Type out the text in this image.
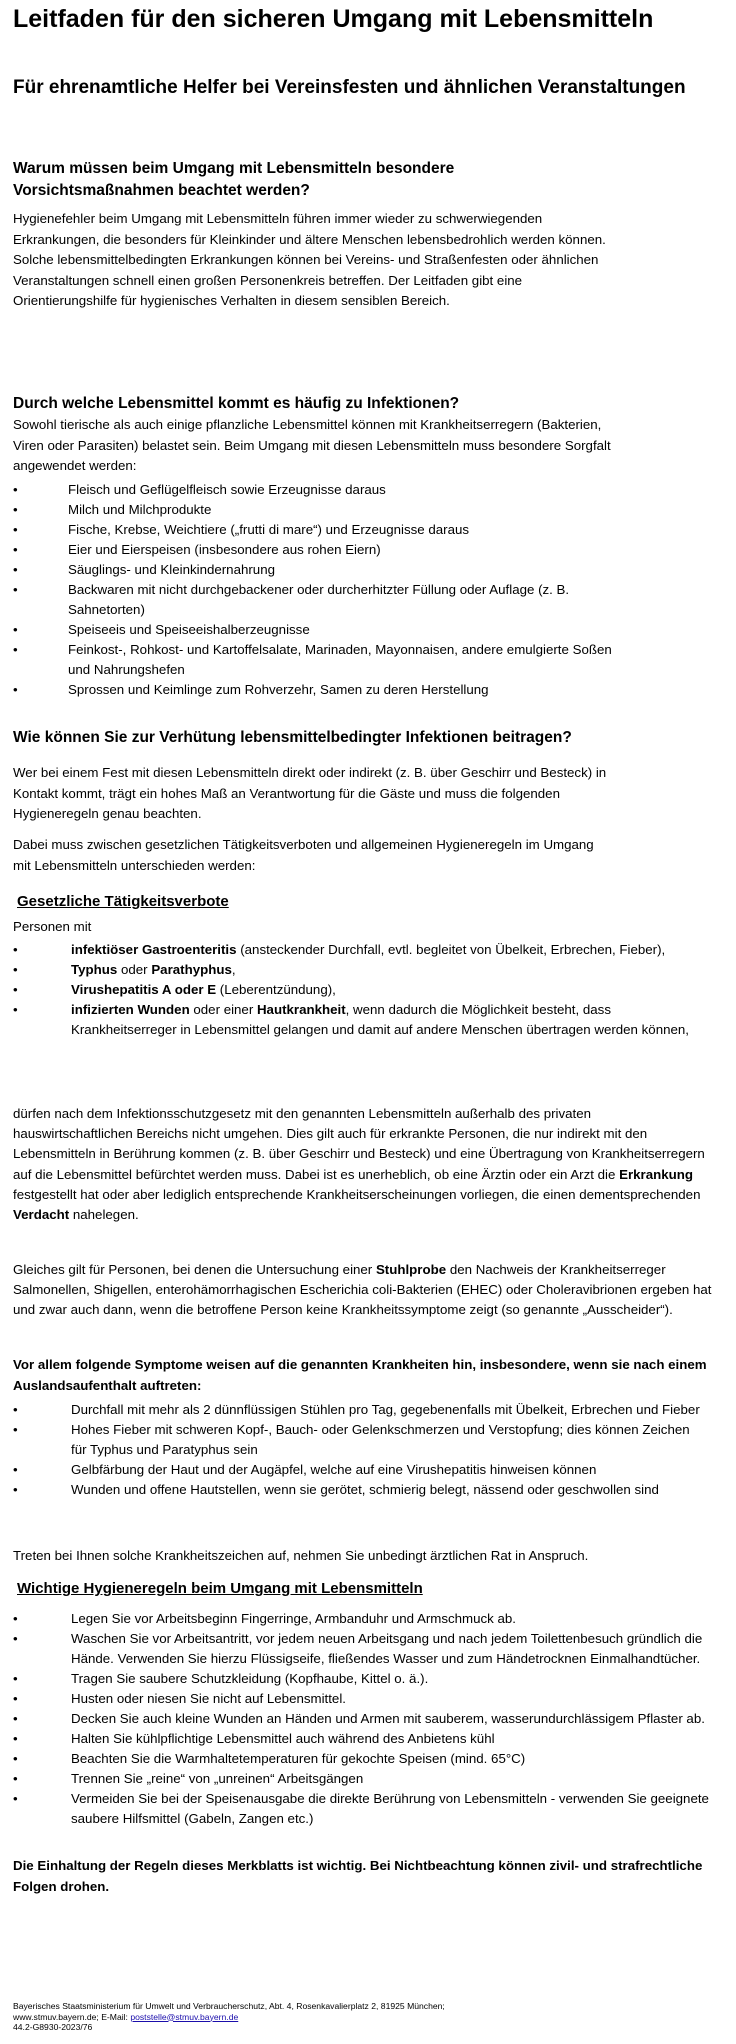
Leitfaden für den sicheren Umgang mit Lebensmitteln
Für ehrenamtliche Helfer bei Vereinsfesten und ähnlichen Veranstaltungen
Warum müssen beim Umgang mit Lebensmitteln besondere Vorsichtsmaßnahmen beachtet werden?

Hygienefehler beim Umgang mit Lebensmitteln führen immer wieder zu schwerwiegenden Erkrankungen, die besonders für Kleinkinder und ältere Menschen lebensbedrohlich werden können. Solche lebensmittelbedingten Erkrankungen können bei Vereins- und Straßenfesten oder ähnlichen Veranstaltungen schnell einen großen Personenkreis betreffen. Der Leitfaden gibt eine Orientierungshilfe für hygienisches Verhalten in diesem sensiblen Bereich.

Durch welche Lebensmittel kommt es häufig zu Infektionen?

Sowohl tierische als auch einige pflanzliche Lebensmittel können mit Krankheitserregern (Bakterien, Viren oder Parasiten) belastet sein. Beim Umgang mit diesen Lebensmitteln muss besondere Sorgfalt angewendet werden:

•	Fleisch und Geflügelfleisch sowie Erzeugnisse daraus
•	Milch und Milchprodukte
•	Fische, Krebse, Weichtiere („frutti di mare“) und Erzeugnisse daraus
•	Eier und Eierspeisen (insbesondere aus rohen Eiern)
•	Säuglings- und Kleinkindernahrung
•	Backwaren mit nicht durchgebackener oder durcherhitzter Füllung oder Auflage (z. B. Sahnetorten)
•	Speiseeis und Speiseeishalberzeugnisse
•	Feinkost-, Rohkost- und Kartoffelsalate, Marinaden, Mayonnaisen, andere emulgierte Soßen und Nahrungshefen
•	Sprossen und Keimlinge zum Rohverzehr, Samen zu deren Herstellung
Wie können Sie zur Verhütung lebensmittelbedingter Infektionen beitragen?

Wer bei einem Fest mit diesen Lebensmitteln direkt oder indirekt (z. B. über Geschirr und Besteck) in Kontakt kommt, trägt ein hohes Maß an Verantwortung für die Gäste und muss die folgenden Hygieneregeln genau beachten.

Dabei muss zwischen gesetzlichen Tätigkeitsverboten und allgemeinen Hygieneregeln im Umgang mit Lebensmitteln unterschieden werden:

Gesetzliche Tätigkeitsverbote

Personen mit

•	infektiöser Gastroenteritis (ansteckender Durchfall, evtl. begleitet von Übelkeit, Erbrechen, Fieber),
•	Typhus oder Parathyphus,
•	Virushepatitis A oder E (Leberentzündung),
•	infizierten Wunden oder einer Hautkrankheit, wenn dadurch die Möglichkeit besteht, dass Krankheitserreger in Lebensmittel gelangen und damit auf andere Menschen übertragen werden können,

dürfen nach dem Infektionsschutzgesetz mit den genannten Lebensmitteln außerhalb des privaten hauswirtschaftlichen Bereichs nicht umgehen. Dies gilt auch für erkrankte Personen, die nur indirekt mit den Lebensmitteln in Berührung kommen (z. B. über Geschirr und Besteck) und eine Übertragung von Krankheitserregern auf die Lebensmittel befürchtet werden muss. Dabei ist es unerheblich, ob eine Ärztin oder ein Arzt die Erkrankung festgestellt hat oder aber lediglich entsprechende Krankheitserscheinungen vorliegen, die einen dementsprechenden Verdacht nahelegen.

Gleiches gilt für Personen, bei denen die Untersuchung einer Stuhlprobe den Nachweis der Krankheitserreger Salmonellen, Shigellen, enterohämorrhagischen Escherichia coli-Bakterien (EHEC) oder Choleravibrionen ergeben hat und zwar auch dann, wenn die betroffene Person keine Krankheitssymptome zeigt (so genannte „Ausscheider“).

Vor allem folgende Symptome weisen auf die genannten Krankheiten hin, insbesondere, wenn sie nach einem Auslandsaufenthalt auftreten:

•	Durchfall mit mehr als 2 dünnflüssigen Stühlen pro Tag, gegebenenfalls mit Übelkeit, Erbrechen und Fieber
•	Hohes Fieber mit schweren Kopf-, Bauch- oder Gelenkschmerzen und Verstopfung; dies können Zeichen für Typhus und Paratyphus sein
•	Gelbfärbung der Haut und der Augäpfel, welche auf eine Virushepatitis hinweisen können
•	Wunden und offene Hautstellen, wenn sie gerötet, schmierig belegt, nässend oder geschwollen sind

Treten bei Ihnen solche Krankheitszeichen auf, nehmen Sie unbedingt ärztlichen Rat in Anspruch.

Wichtige Hygieneregeln beim Umgang mit Lebensmitteln
•	Legen Sie vor Arbeitsbeginn Fingerringe, Armbanduhr und Armschmuck ab.
•	Waschen Sie vor Arbeitsantritt, vor jedem neuen Arbeitsgang und nach jedem Toilettenbesuch gründlich die Hände. Verwenden Sie hierzu Flüssigseife, fließendes Wasser und zum Händetrocknen Einmalhandtücher.
•	Tragen Sie saubere Schutzkleidung (Kopfhaube, Kittel o. ä.).
•	Husten oder niesen Sie nicht auf Lebensmittel.
•	Decken Sie auch kleine Wunden an Händen und Armen mit sauberem, wasserundurchlässigem Pflaster ab.
•	Halten Sie kühlpflichtige Lebensmittel auch während des Anbietens kühl
•	Beachten Sie die Warmhaltetemperaturen für gekochte Speisen (mind. 65°C)
•	Trennen Sie „reine“ von „unreinen“ Arbeitsgängen
•	Vermeiden Sie bei der Speisenausgabe die direkte Berührung von Lebensmitteln - verwenden Sie geeignete saubere Hilfsmittel (Gabeln, Zangen etc.)

Die Einhaltung der Regeln dieses Merkblatts ist wichtig. Bei Nichtbeachtung können zivil- und strafrechtliche Folgen drohen.

Bayerisches Staatsministerium für Umwelt und Verbraucherschutz, Abt. 4, Rosenkavalierplatz 2, 81925 München;
www.stmuv.bayern.de; E-Mail: poststelle@stmuv.bayern.de
44.2-G8930-2023/76
